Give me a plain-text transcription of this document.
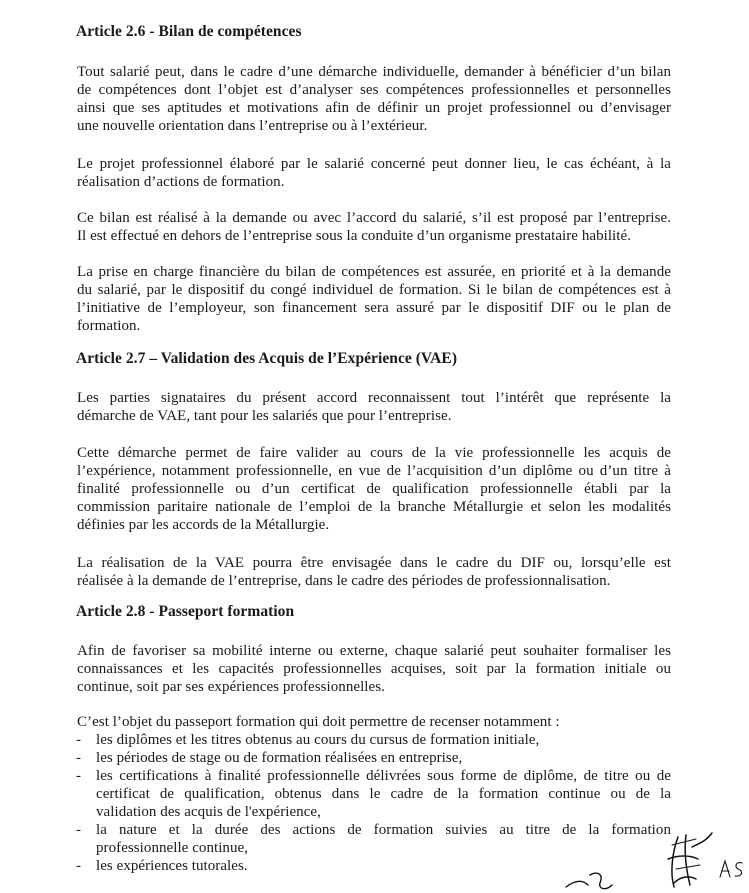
Article 2.6 - Bilan de compétences
Tout salarié peut, dans le cadre d’une démarche individuelle, demander à bénéficier d’un bilan
de compétences dont l’objet est d’analyser ses compétences professionnelles et personnelles
ainsi que ses aptitudes et motivations afin de définir un projet professionnel ou d’envisager
une nouvelle orientation dans l’entreprise ou à l’extérieur.
Le projet professionnel élaboré par le salarié concerné peut donner lieu, le cas échéant, à la
réalisation d’actions de formation.
Ce bilan est réalisé à la demande ou avec l’accord du salarié, s’il est proposé par l’entreprise.
Il est effectué en dehors de l’entreprise sous la conduite d’un organisme prestataire habilité.
La prise en charge financière du bilan de compétences est assurée, en priorité et à la demande
du salarié, par le dispositif du congé individuel de formation. Si le bilan de compétences est à
l’initiative de l’employeur, son financement sera assuré par le dispositif DIF ou le plan de
formation.
Article 2.7 – Validation des Acquis de l’Expérience (VAE)
Les parties signataires du présent accord reconnaissent tout l’intérêt que représente la
démarche de VAE, tant pour les salariés que pour l’entreprise.
Cette démarche permet de faire valider au cours de la vie professionnelle les acquis de
l’expérience, notamment professionnelle, en vue de l’acquisition d’un diplôme ou d’un titre à
finalité professionnelle ou d’un certificat de qualification professionnelle établi par la
commission paritaire nationale de l’emploi de la branche Métallurgie et selon les modalités
définies par les accords de la Métallurgie.
La réalisation de la VAE pourra être envisagée dans le cadre du DIF ou, lorsqu’elle est
réalisée à la demande de l’entreprise, dans le cadre des périodes de professionnalisation.
Article 2.8 - Passeport formation
Afin de favoriser sa mobilité interne ou externe, chaque salarié peut souhaiter formaliser les
connaissances et les capacités professionnelles acquises, soit par la formation initiale ou
continue, soit par ses expériences professionnelles.
C’est l’objet du passeport formation qui doit permettre de recenser notamment :
- les diplômes et les titres obtenus au cours du cursus de formation initiale,
- les périodes de stage ou de formation réalisées en entreprise,
- les certifications à finalité professionnelle délivrées sous forme de diplôme, de titre ou de
certificat de qualification, obtenus dans le cadre de la formation continue ou de la
validation des acquis de l'expérience,
- la nature et la durée des actions de formation suivies au titre de la formation
professionnelle continue,
- les expériences tutorales.
